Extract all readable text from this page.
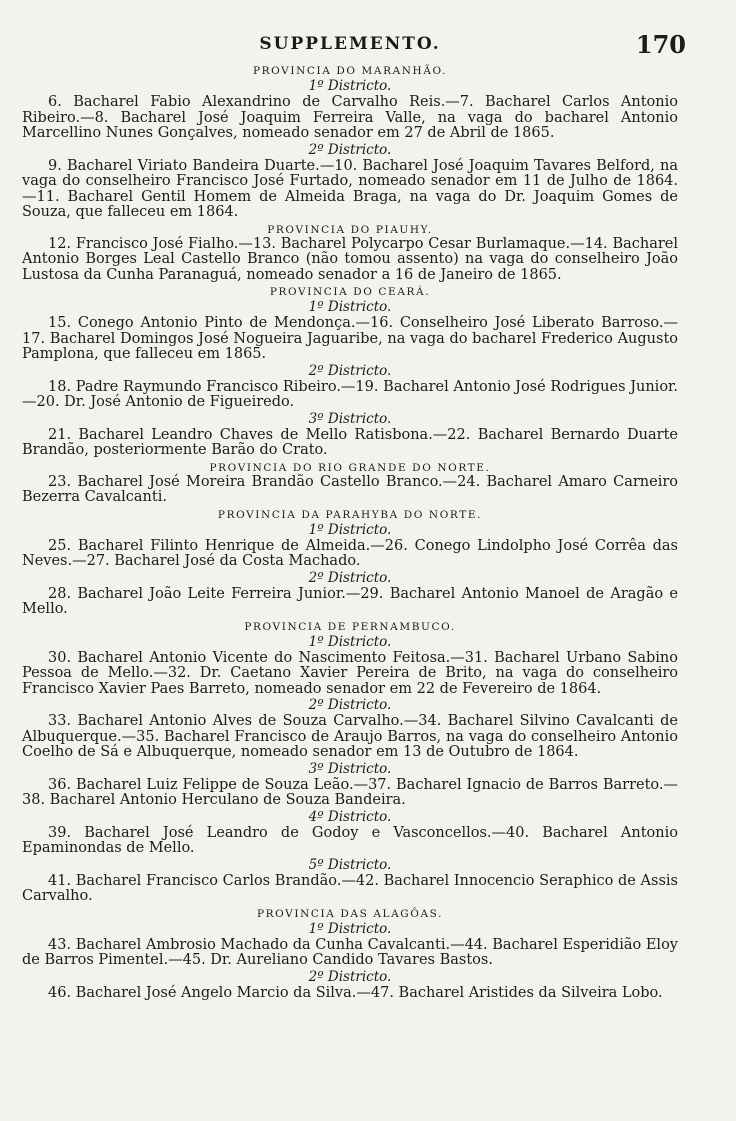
SUPPLEMENTO.	170
PROVINCIA DO MARANHÃO.
1º Districto.

6. Bacharel Fabio Alexandrino de Carvalho Reis.—7. Bacharel Carlos Antonio Ribeiro.—8. Bacharel José Joaquim Ferreira Valle, na vaga do bacharel Antonio Marcellino Nunes Gonçalves, nomeado senador em 27 de Abril de 1865.

2º Districto.

9. Bacharel Viriato Bandeira Duarte.—10. Bacharel José Joaquim Tavares Belford, na vaga do conselheiro Francisco José Furtado, nomeado senador em 11 de Julho de 1864.—11. Bacharel Gentil Homem de Almeida Braga, na vaga do Dr. Joaquim Gomes de Souza, que falleceu em 1864.

PROVINCIA DO PIAUHY.

12. Francisco José Fialho.—13. Bacharel Polycarpo Cesar Burlamaque.—14. Bacharel Antonio Borges Leal Castello Branco (não tomou assento) na vaga do conselheiro João Lustosa da Cunha Paranaguá, nomeado senador a 16 de Janeiro de 1865.

PROVINCIA DO CEARÁ.
1º Districto.

15. Conego Antonio Pinto de Mendonça.—16. Conselheiro José Liberato Barroso.—17. Bacharel Domingos José Nogueira Jaguaribe, na vaga do bacharel Frederico Augusto Pamplona, que falleceu em 1865.

2º Districto.

18. Padre Raymundo Francisco Ribeiro.—19. Bacharel Antonio José Rodrigues Junior.—20. Dr. José Antonio de Figueiredo.

3º Districto.

21. Bacharel Leandro Chaves de Mello Ratisbona.—22. Bacharel Bernardo Duarte Brandão, posteriormente Barão do Crato.

PROVINCIA DO RIO GRANDE DO NORTE.

23. Bacharel José Moreira Brandão Castello Branco.—24. Bacharel Amaro Carneiro Bezerra Cavalcanti.

PROVINCIA DA PARAHYBA DO NORTE.
1º Districto.

25. Bacharel Filinto Henrique de Almeida.—26. Conego Lindolpho José Corrêa das Neves.—27. Bacharel José da Costa Machado.

2º Districto.

28. Bacharel João Leite Ferreira Junior.—29. Bacharel Antonio Manoel de Aragão e Mello.

PROVINCIA DE PERNAMBUCO.
1º Districto.

30. Bacharel Antonio Vicente do Nascimento Feitosa.—31. Bacharel Urbano Sabino Pessoa de Mello.—32. Dr. Caetano Xavier Pereira de Brito, na vaga do conselheiro Francisco Xavier Paes Barreto, nomeado senador em 22 de Fevereiro de 1864.

2º Districto.

33. Bacharel Antonio Alves de Souza Carvalho.—34. Bacharel Silvino Cavalcanti de Albuquerque.—35. Bacharel Francisco de Araujo Barros, na vaga do conselheiro Antonio Coelho de Sá e Albuquerque, nomeado senador em 13 de Outubro de 1864.

3º Districto.

36. Bacharel Luiz Felippe de Souza Leão.—37. Bacharel Ignacio de Barros Barreto.—38. Bacharel Antonio Herculano de Souza Bandeira.

4º Districto.

39. Bacharel José Leandro de Godoy e Vasconcellos.—40. Bacharel Antonio Epaminondas de Mello.

5º Districto.

41. Bacharel Francisco Carlos Brandão.—42. Bacharel Innocencio Seraphico de Assis Carvalho.

PROVINCIA DAS ALAGÔAS.
1º Districto.

43. Bacharel Ambrosio Machado da Cunha Cavalcanti.—44. Bacharel Esperidião Eloy de Barros Pimentel.—45. Dr. Aureliano Candido Tavares Bastos.

2º Districto.

46. Bacharel José Angelo Marcio da Silva.—47. Bacharel Aristides da Silveira Lobo.
